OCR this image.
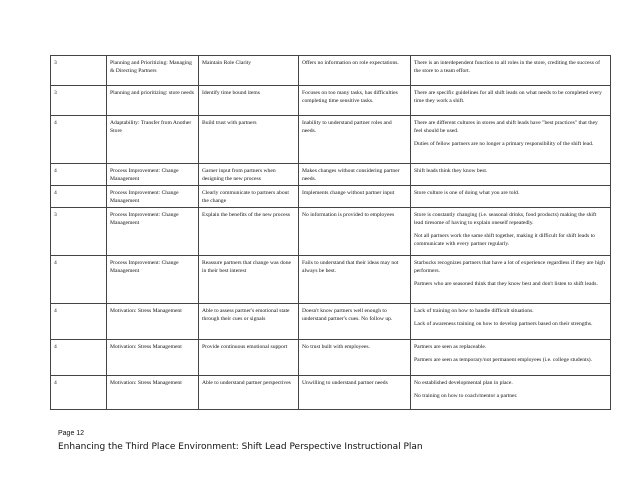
3	Planning and Prioritizing: Managing & Directing Partners	Maintain Role Clarity	Offers no information on role expectations.	There is an interdependent function to all roles in the store, crediting the success of the store to a team effort.

3	Planning and prioritizing: store needs	Identify time bound items	Focuses on too many tasks, has difficulties completing time sensitive tasks.	There are specific guidelines for all shift leads on what needs to be completed every time they work a shift.

4	Adaptability: Transfer from Another Store	Build trust with partners	Inability to understand partner roles and needs.	There are different cultures in stores and shift leads have "best practices" that they feel should be used.

Duties of fellow partners are no longer a primary responsibility of the shift lead.

4	Process Improvement: Change Management	Garner input from partners when designing the new process	Makes changes without considering partner needs.	Shift leads think they know best.

4	Process Improvement: Change Management	Clearly communicate to partners about the change	Implements change without partner input	Store culture is one of doing what you are told.

3	Process Improvement: Change Management	Explain the benefits of the new process	No information is provided to employees	Store is constantly changing (i.e. seasonal drinks, food products) making the shift lead tiresome of having to explain oneself repeatedly.

Not all partners work the same shift together, making it difficult for shift leads to communicate with every partner regularly.

4	Process Improvement: Change Management	Reassure partners that change was done in their best interest	Fails to understand that their ideas may not always be best.	Starbucks recognizes partners that have a lot of experience regardless if they are high performers.

Partners who are seasoned think that they know best and don't listen to shift leads.

4	Motivation: Stress Management	Able to assess partner's emotional state through their cues or signals	Doesn't know partners well enough to understand partner's cues. No follow up.	Lack of training on how to handle difficult situations.

Lack of awareness training on how to develop partners based on their strengths.

4	Motivation: Stress Management	Provide continuous emotional support	No trust built with employees.	Partners are seen as replaceable.

Partners are seen as temporary/not permanent employees (i.e. college students).

4	Motivation: Stress Management	Able to understand partner perspectives	Unwilling to understand partner needs	No established developmental plan in place.

No training on how to coach/mentor a partner.

Page 12
Enhancing the Third Place Environment: Shift Lead Perspective Instructional Plan
